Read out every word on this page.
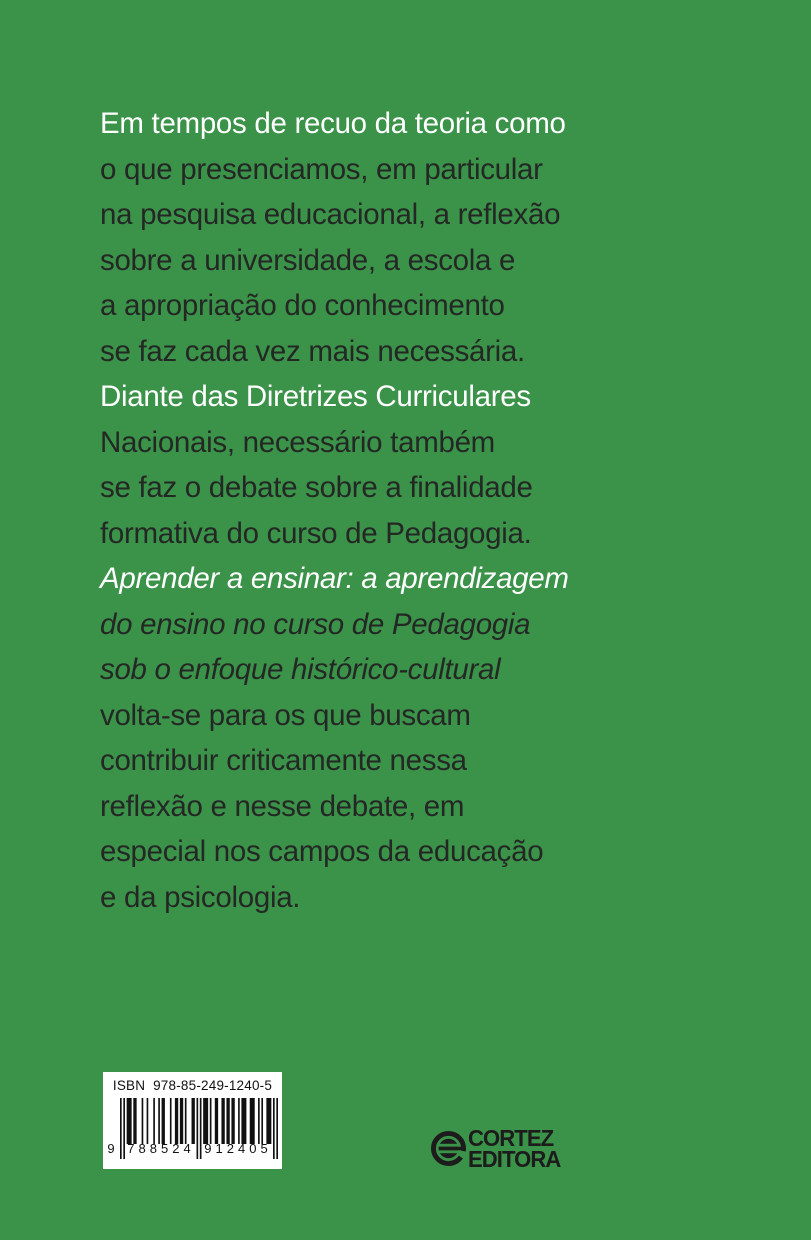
Em tempos de recuo da teoria como
o que presenciamos, em particular
na pesquisa educacional, a reflexão
sobre a universidade, a escola e
a apropriação do conhecimento
se faz cada vez mais necessária.
Diante das Diretrizes Curriculares
Nacionais, necessário também
se faz o debate sobre a finalidade
formativa do curso de Pedagogia.
Aprender a ensinar: a aprendizagem
do ensino no curso de Pedagogia
sob o enfoque histórico-cultural
volta-se para os que buscam
contribuir criticamente nessa
reflexão e nesse debate, em
especial nos campos da educação
e da psicologia.
ISBN  978-85-249-1240-5
9 788524 912405	CORTEZ
EDITORA
